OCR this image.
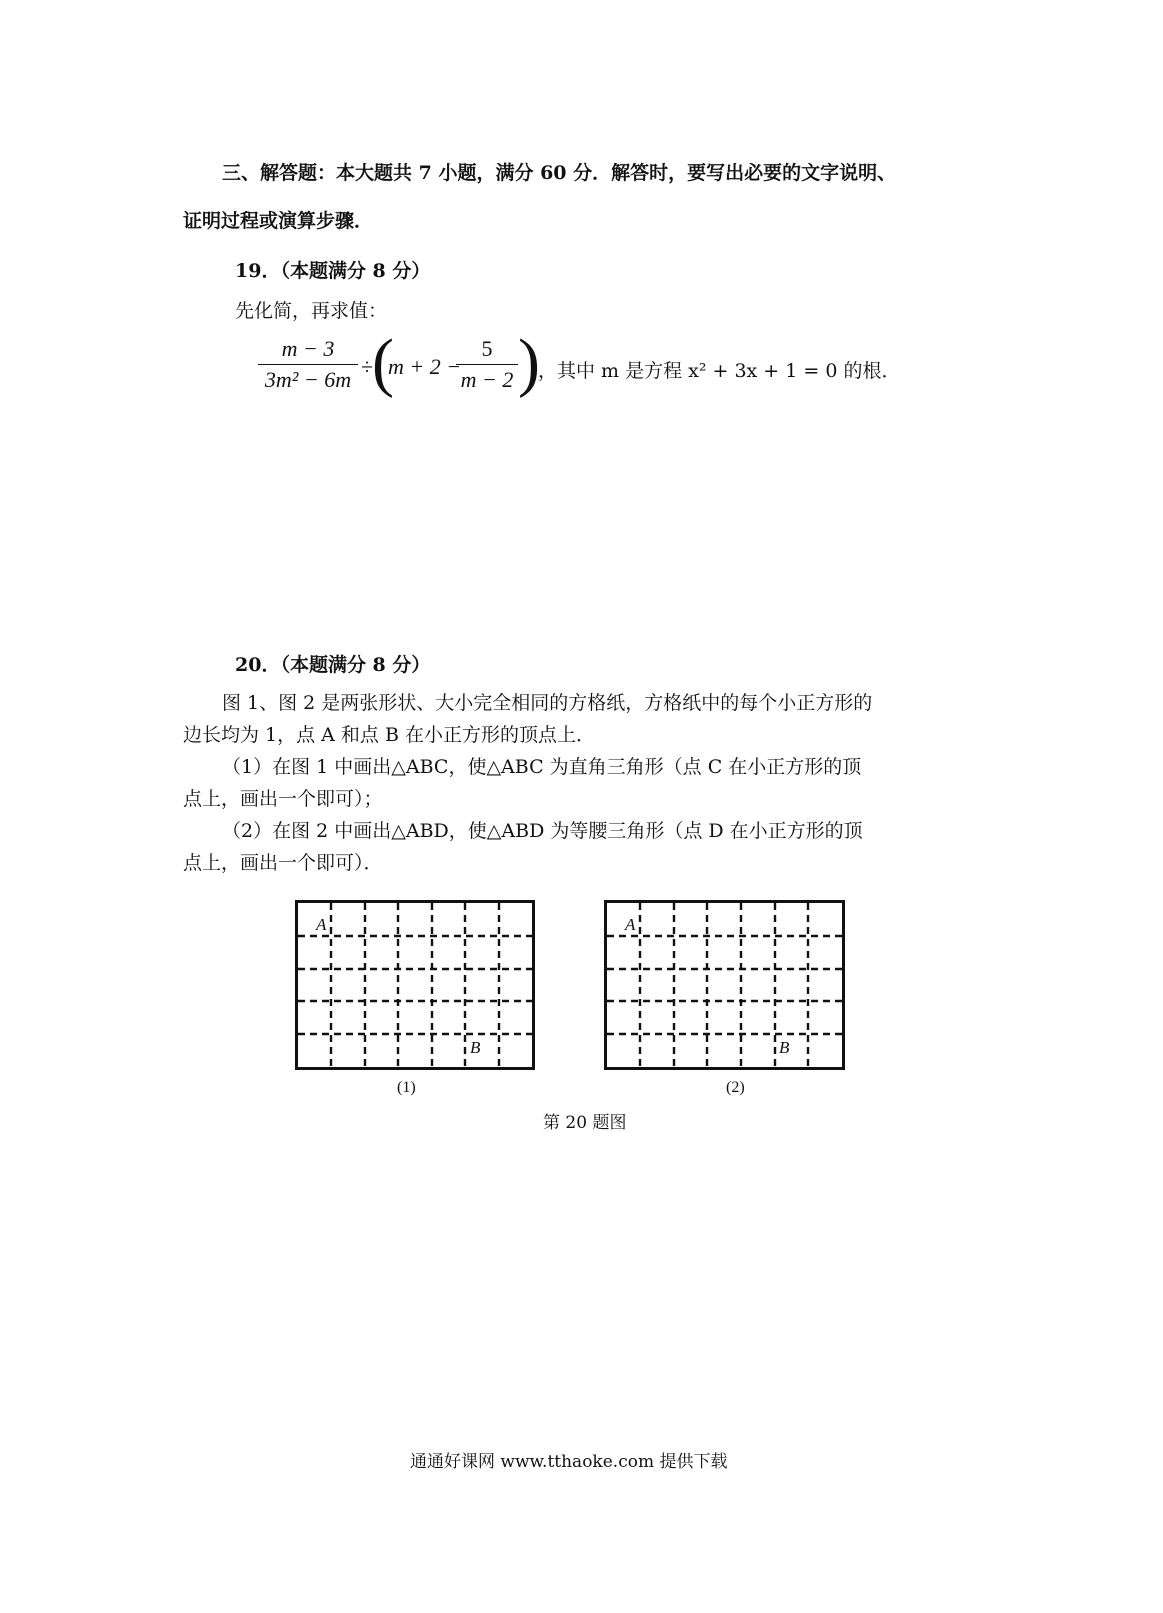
三、解答题：本大题共 7 小题，满分 60 分．解答时，要写出必要的文字说明、
证明过程或演算步骤．
19．（本题满分 8 分）
先化简，再求值：
m − 3
3m² − 6m
÷
(
m + 2 −
5
m − 2 )
，其中 m 是方程 x² + 3x + 1 = 0 的根．
20．（本题满分 8 分）
图 1、图 2 是两张形状、大小完全相同的方格纸，方格纸中的每个小正方形的
边长均为 1，点 A 和点 B 在小正方形的顶点上．
（1）在图 1 中画出△ABC，使△ABC 为直角三角形（点 C 在小正方形的顶
点上，画出一个即可）；
（2）在图 2 中画出△ABD，使△ABD 为等腰三角形（点 D 在小正方形的顶
点上，画出一个即可）．
A
B
(1)
A
B
(2)
第 20 题图
通通好课网 www.tthaoke.com 提供下载
